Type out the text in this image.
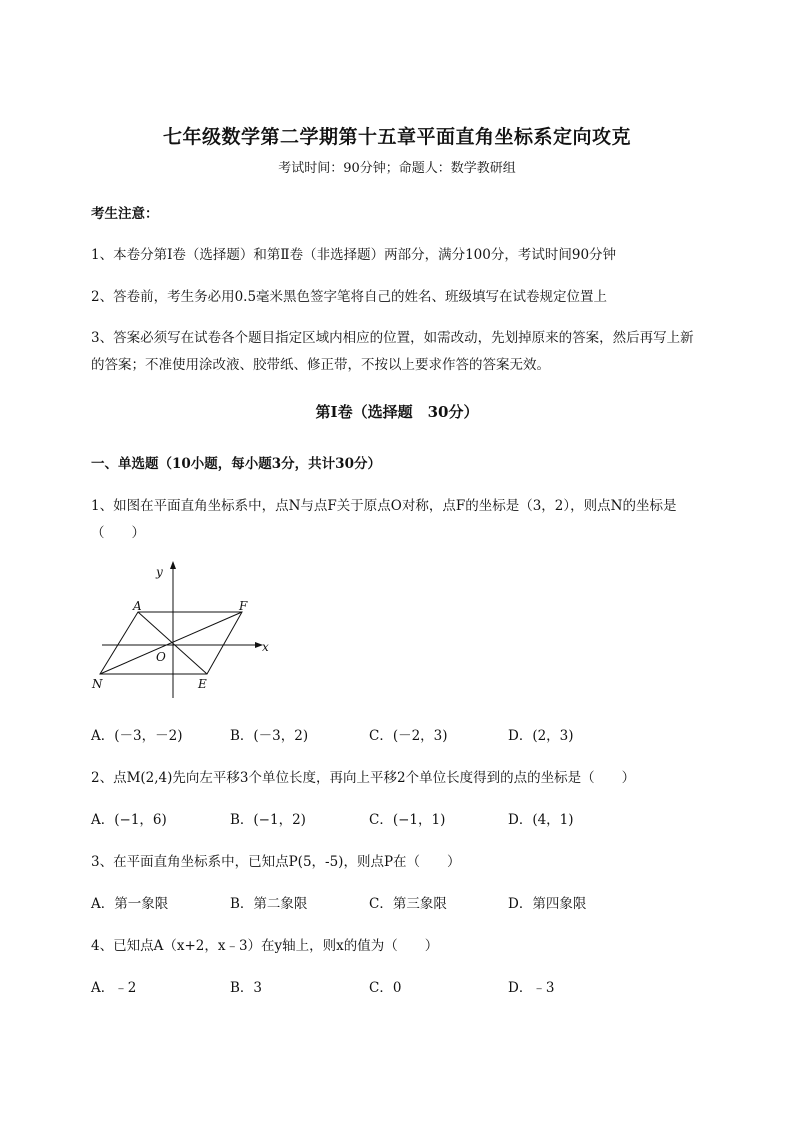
七年级数学第二学期第十五章平面直角坐标系定向攻克
考试时间：90分钟；命题人：数学教研组
考生注意：
1、本卷分第Ⅰ卷（选择题）和第Ⅱ卷（非选择题）两部分，满分100分，考试时间90分钟
2、答卷前，考生务必用0.5毫米黑色签字笔将自己的姓名、班级填写在试卷规定位置上
3、答案必须写在试卷各个题目指定区域内相应的位置，如需改动，先划掉原来的答案，然后再写上新
的答案；不准使用涂改液、胶带纸、修正带，不按以上要求作答的答案无效。
第Ⅰ卷（选择题　30分）
一、单选题（10小题，每小题3分，共计30分）
1、如图在平面直角坐标系中，点N与点F关于原点O对称，点F的坐标是（3，2），则点N的坐标是
（　　）
y
x
A	F
O
N	E
A．(－3，－2)	B．(－3，2)	C．(－2，3)	D．(2，3)
2、点M(2,4)先向左平移3个单位长度，再向上平移2个单位长度得到的点的坐标是（　　）
A．(−1，6)	B．(−1，2)	C．(−1，1)	D．(4，1)
3、在平面直角坐标系中，已知点P(5，-5)，则点P在（　　）
A．第一象限	B．第二象限	C．第三象限	D．第四象限
4、已知点A（x+2，x﹣3）在y轴上，则x的值为（　　）
A．﹣2	B．3	C．0	D．﹣3
